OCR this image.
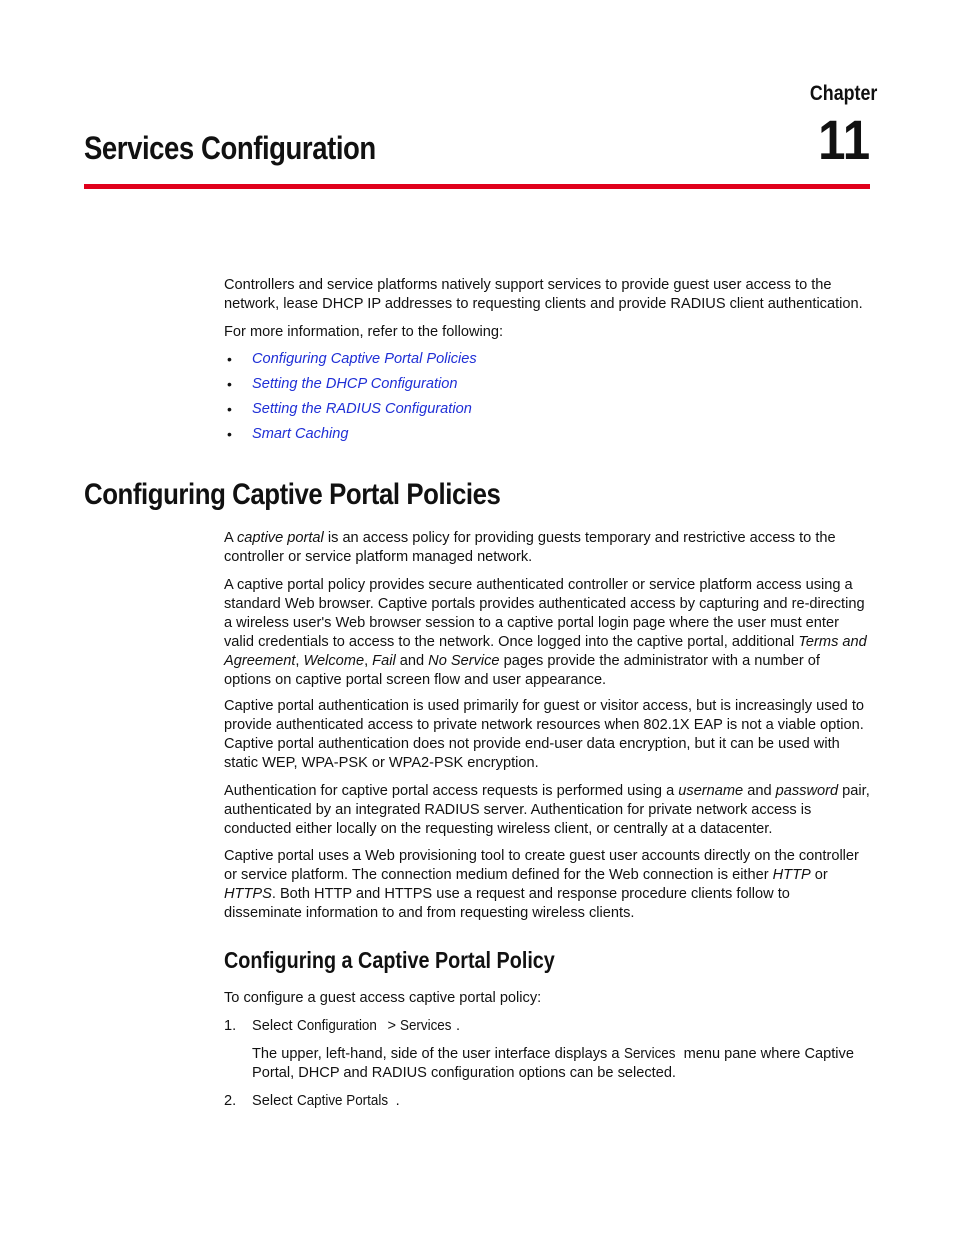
Chapter
Services Configuration	11

Controllers and service platforms natively support services to provide guest user access to the network, lease DHCP IP addresses to requesting clients and provide RADIUS client authentication.

For more information, refer to the following:

• Configuring Captive Portal Policies
• Setting the DHCP Configuration
• Setting the RADIUS Configuration
• Smart Caching
Configuring Captive Portal Policies

A captive portal is an access policy for providing guests temporary and restrictive access to the controller or service platform managed network.

A captive portal policy provides secure authenticated controller or service platform access using a standard Web browser. Captive portals provides authenticated access by capturing and re-directing a wireless user's Web browser session to a captive portal login page where the user must enter valid credentials to access to the network. Once logged into the captive portal, additional Terms and Agreement, Welcome, Fail and No Service pages provide the administrator with a number of options on captive portal screen flow and user appearance.

Captive portal authentication is used primarily for guest or visitor access, but is increasingly used to provide authenticated access to private network resources when 802.1X EAP is not a viable option. Captive portal authentication does not provide end-user data encryption, but it can be used with static WEP, WPA-PSK or WPA2-PSK encryption.

Authentication for captive portal access requests is performed using a username and password pair, authenticated by an integrated RADIUS server. Authentication for private network access is conducted either locally on the requesting wireless client, or centrally at a datacenter.

Captive portal uses a Web provisioning tool to create guest user accounts directly on the controller or service platform. The connection medium defined for the Web connection is either HTTP or HTTPS. Both HTTP and HTTPS use a request and response procedure clients follow to disseminate information to and from requesting wireless clients.

Configuring a Captive Portal Policy

To configure a guest access captive portal policy:

1. Select Configuration > Services .

The upper, left-hand, side of the user interface displays a Services menu pane where Captive Portal, DHCP and RADIUS configuration options can be selected.

2. Select Captive Portals .
